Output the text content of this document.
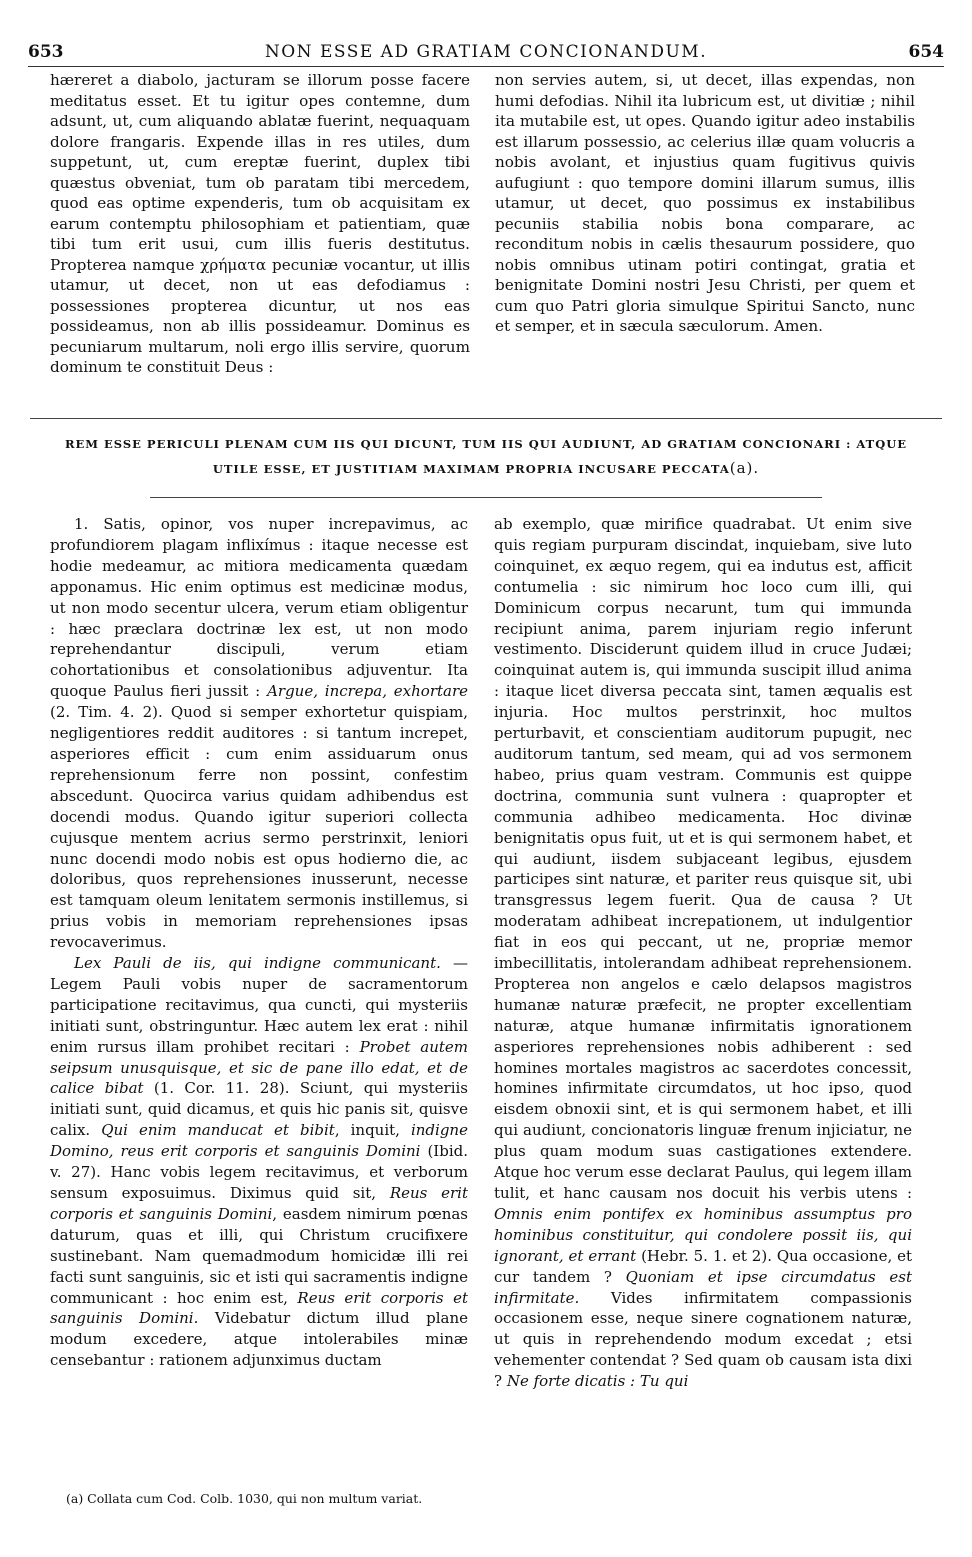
653	NON ESSE AD GRATIAM CONCIONANDUM.	654

hæreret a diabolo, jacturam se illorum posse facere meditatus esset. Et tu igitur opes contemne, dum adsunt, ut, cum aliquando ablatæ fuerint, nequaquam dolore frangaris. Expende illas in res utiles, dum suppetunt, ut, cum ereptæ fuerint, duplex tibi quæstus obveniat, tum ob paratam tibi mercedem, quod eas optime expenderis, tum ob acquisitam ex earum contemptu philosophiam et patientiam, quæ tibi tum erit usui, cum illis fueris destitutus. Propterea namque χρήματα pecuniæ vocantur, ut illis utamur, ut decet, non ut eas defodiamus : possessiones propterea dicuntur, ut nos eas possideamus, non ab illis possideamur. Dominus es pecuniarum multarum, noli ergo illis servire, quorum dominum te constituit Deus :

non servies autem, si, ut decet, illas expendas, non humi defodias. Nihil ita lubricum est, ut divitiæ ; nihil ita mutabile est, ut opes. Quando igitur adeo instabilis est illarum possessio, ac celerius illæ quam volucris a nobis avolant, et injustius quam fugitivus quivis aufugiunt : quo tempore domini illarum sumus, illis utamur, ut decet, quo possimus ex instabilibus pecuniis stabilia nobis bona comparare, ac reconditum nobis in cælis thesaurum possidere, quo nobis omnibus utinam potiri contingat, gratia et benignitate Domini nostri Jesu Christi, per quem et cum quo Patri gloria simulque Spiritui Sancto, nunc et semper, et in sæcula sæculorum. Amen.

REM ESSE PERICULI PLENAM CUM IIS QUI DICUNT, TUM IIS QUI AUDIUNT, AD GRATIAM CONCIONARI : ATQUE UTILE ESSE, ET JUSTITIAM MAXIMAM PROPRIA INCUSARE PECCATA(a).

1. Satis, opinor, vos nuper increpavimus, ac profundiorem plagam inflixímus : itaque necesse est hodie medeamur, ac mitiora medicamenta quædam apponamus. Hic enim optimus est medicinæ modus, ut non modo secentur ulcera, verum etiam obligentur : hæc præclara doctrinæ lex est, ut non modo reprehendantur discipuli, verum etiam cohortationibus et consolationibus adjuventur. Ita quoque Paulus fieri jussit : Argue, increpa, exhortare (2. Tim. 4. 2). Quod si semper exhortetur quispiam, negligentiores reddit auditores : si tantum increpet, asperiores efficit : cum enim assiduarum onus reprehensionum ferre non possint, confestim abscedunt. Quocirca varius quidam adhibendus est docendi modus. Quando igitur superiori collecta cujusque mentem acrius sermo perstrinxit, leniori nunc docendi modo nobis est opus hodierno die, ac doloribus, quos reprehensiones inusserunt, necesse est tamquam oleum lenitatem sermonis instillemus, si prius vobis in memoriam reprehensiones ipsas revocaverimus.

Lex Pauli de iis, qui indigne communicant. — Legem Pauli vobis nuper de sacramentorum participatione recitavimus, qua cuncti, qui mysteriis initiati sunt, obstringuntur. Hæc autem lex erat : nihil enim rursus illam prohibet recitari : Probet autem seipsum unusquisque, et sic de pane illo edat, et de calice bibat (1. Cor. 11. 28). Sciunt, qui mysteriis initiati sunt, quid dicamus, et quis hic panis sit, quisve calix. Qui enim manducat et bibit, inquit, indigne Domino, reus erit corporis et sanguinis Domini (Ibid. v. 27). Hanc vobis legem recitavimus, et verborum sensum exposuimus. Diximus quid sit, Reus erit corporis et sanguinis Domini, easdem nimirum pœnas daturum, quas et illi, qui Christum crucifixere sustinebant. Nam quemadmodum homicidæ illi rei facti sunt sanguinis, sic et isti qui sacramentis indigne communicant : hoc enim est, Reus erit corporis et sanguinis Domini. Videbatur dictum illud plane modum excedere, atque intolerabiles minæ censebantur : rationem adjunximus ductam

ab exemplo, quæ mirifice quadrabat. Ut enim sive quis regiam purpuram discindat, inquiebam, sive luto coinquinet, ex æquo regem, qui ea indutus est, afficit contumelia : sic nimirum hoc loco cum illi, qui Dominicum corpus necarunt, tum qui immunda recipiunt anima, parem injuriam regio inferunt vestimento. Disciderunt quidem illud in cruce Judæi; coinquinat autem is, qui immunda suscipit illud anima : itaque licet diversa peccata sint, tamen æqualis est injuria. Hoc multos perstrinxit, hoc multos perturbavit, et conscientiam auditorum pupugit, nec auditorum tantum, sed meam, qui ad vos sermonem habeo, prius quam vestram. Communis est quippe doctrina, communia sunt vulnera : quapropter et communia adhibeo medicamenta. Hoc divinæ benignitatis opus fuit, ut et is qui sermonem habet, et qui audiunt, iisdem subjaceant legibus, ejusdem participes sint naturæ, et pariter reus quisque sit, ubi transgressus legem fuerit. Qua de causa ? Ut moderatam adhibeat increpationem, ut indulgentior fiat in eos qui peccant, ut ne, propriæ memor imbecillitatis, intolerandam adhibeat reprehensionem. Propterea non angelos e cælo delapsos magistros humanæ naturæ præfecit, ne propter excellentiam naturæ, atque humanæ infirmitatis ignorationem asperiores reprehensiones nobis adhiberent : sed homines mortales magistros ac sacerdotes concessit, homines infirmitate circumdatos, ut hoc ipso, quod eisdem obnoxii sint, et is qui sermonem habet, et illi qui audiunt, concionatoris linguæ frenum injiciatur, ne plus quam modum suas castigationes extendere. Atque hoc verum esse declarat Paulus, qui legem illam tulit, et hanc causam nos docuit his verbis utens : Omnis enim pontifex ex hominibus assumptus pro hominibus constituitur, qui condolere possit iis, qui ignorant, et errant (Hebr. 5. 1. et 2). Qua occasione, et cur tandem ? Quoniam et ipse circumdatus est infirmitate. Vides infirmitatem compassionis occasionem esse, neque sinere cognationem naturæ, ut quis in reprehendendo modum excedat ; etsi vehementer contendat ? Sed quam ob causam ista dixi ? Ne forte dicatis : Tu qui

(a) Collata cum Cod. Colb. 1030, qui non multum variat.
